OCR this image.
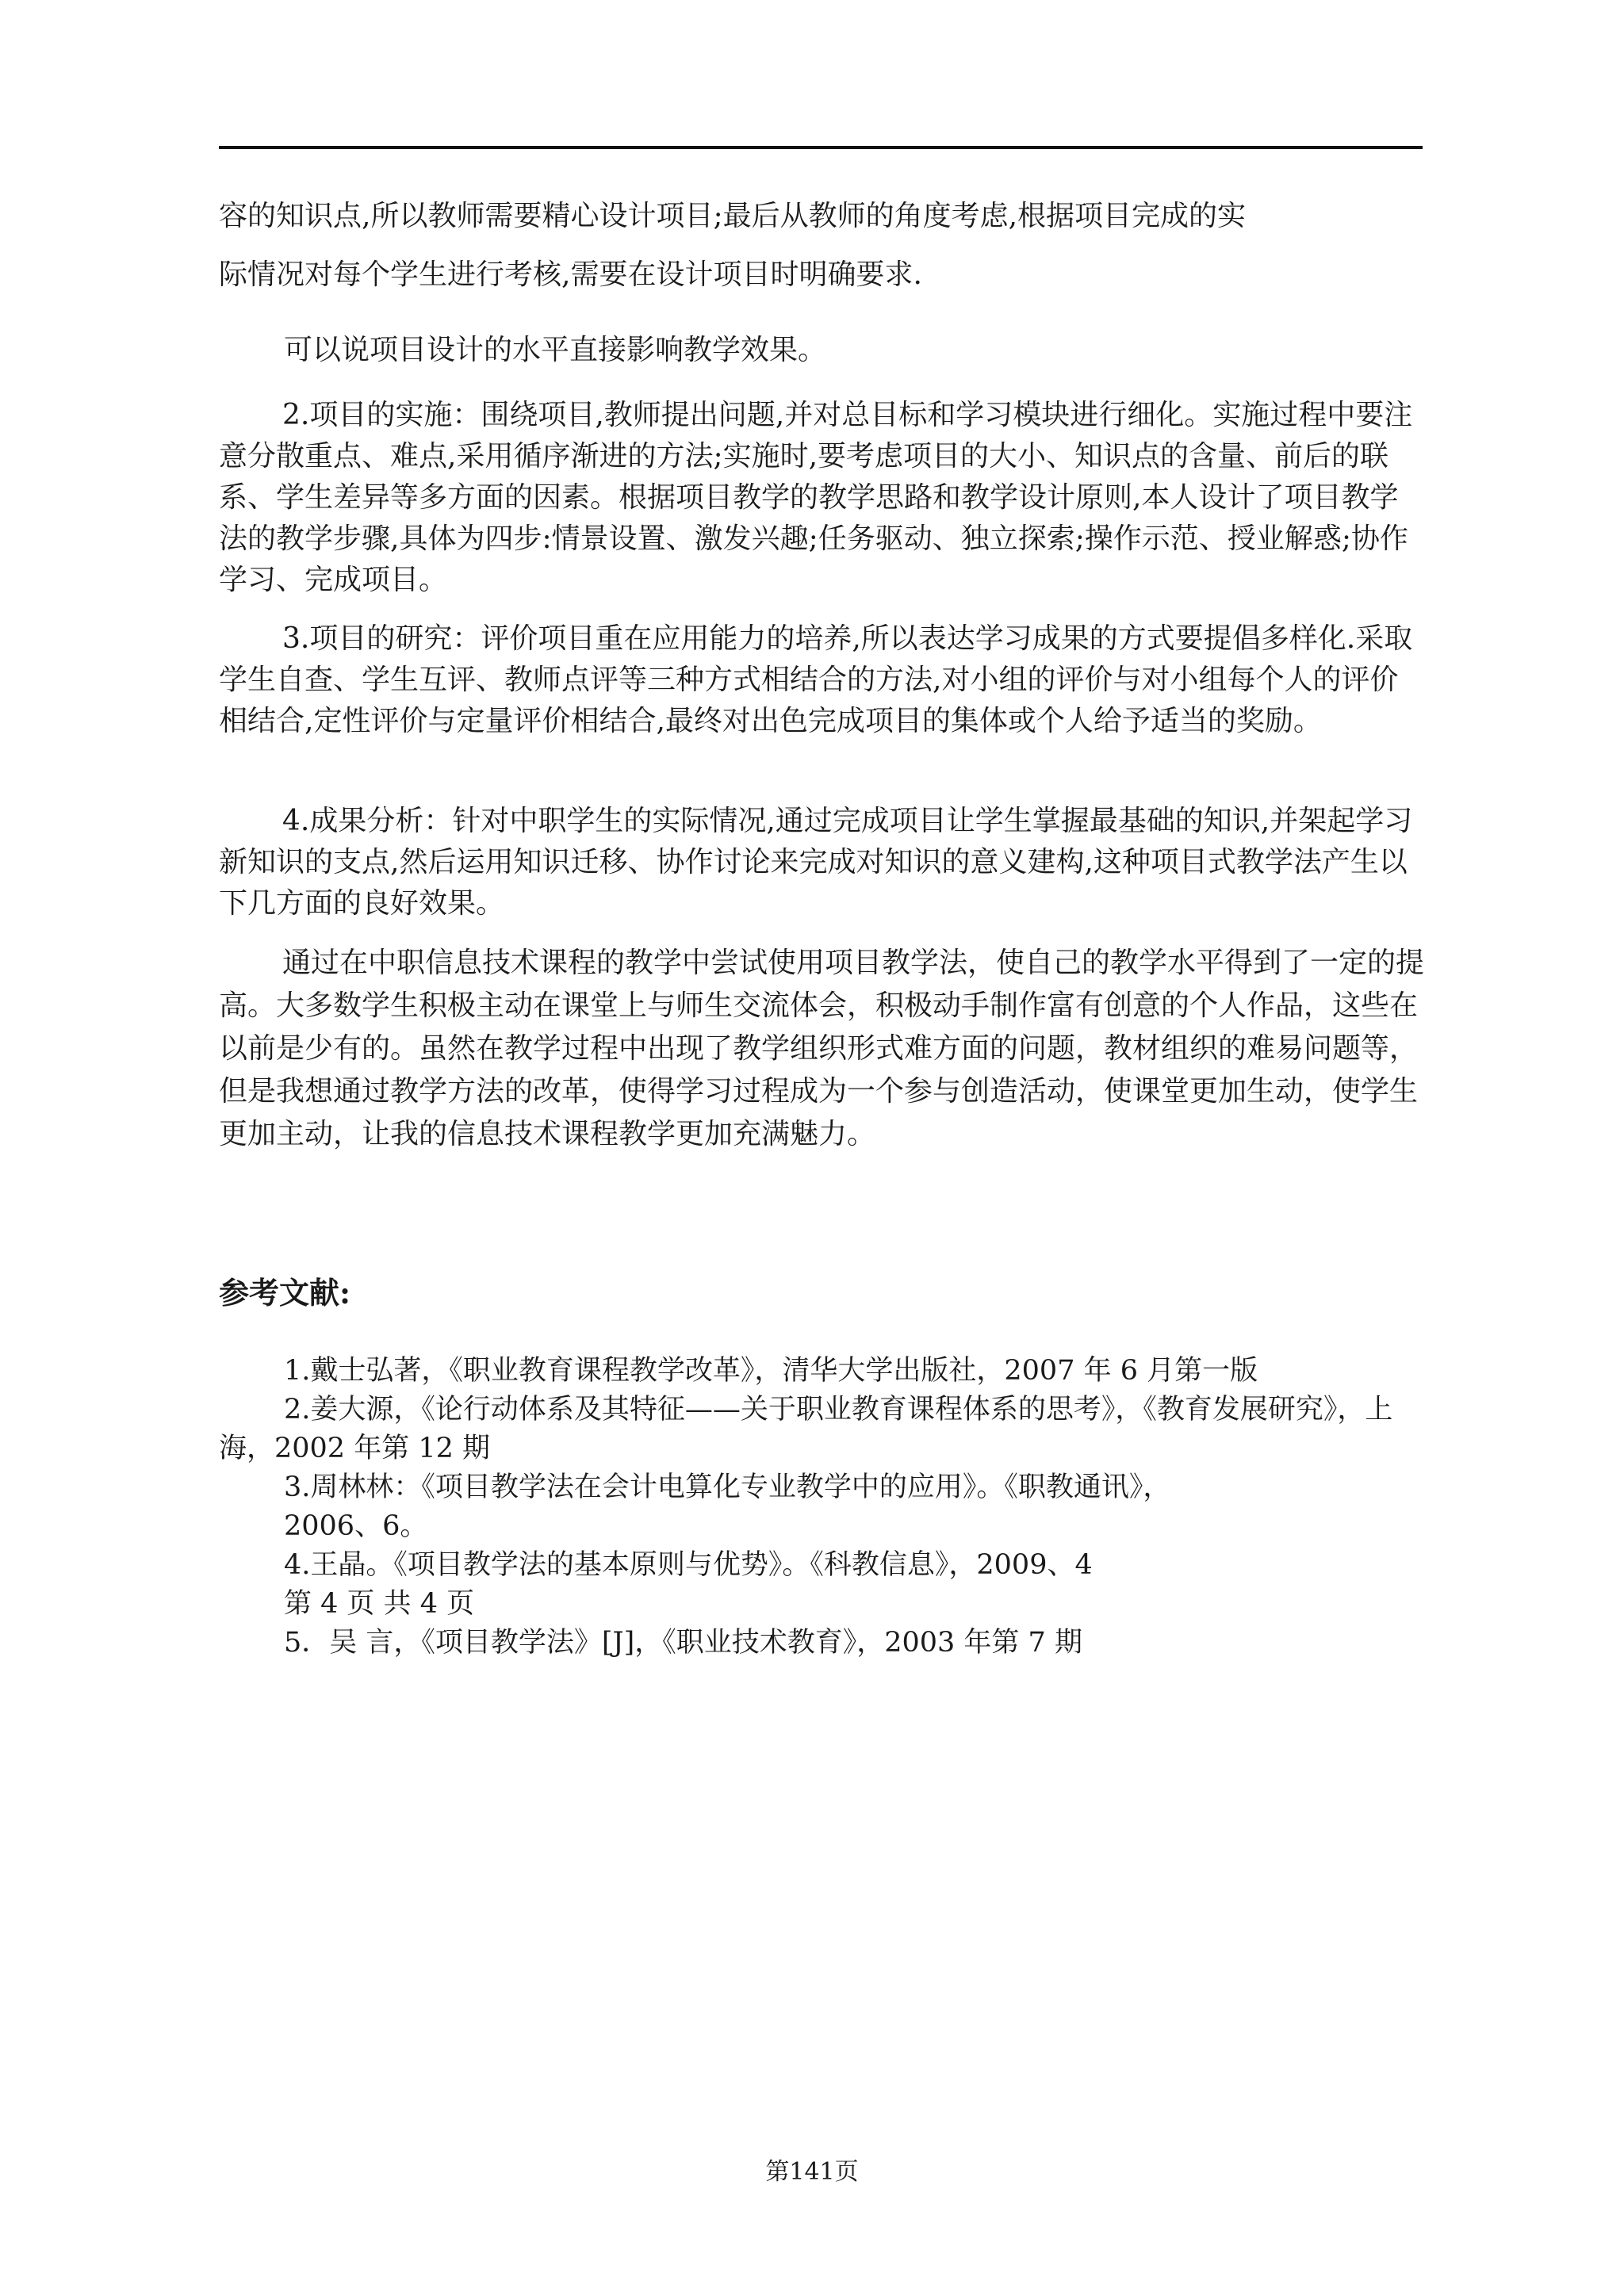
容的知识点,所以教师需要精心设计项目;最后从教师的角度考虑,根据项目完成的实

际情况对每个学生进行考核,需要在设计项目时明确要求.

可以说项目设计的水平直接影响教学效果。

2.项目的实施：围绕项目,教师提出问题,并对总目标和学习模块进行细化。实施过程中要注意分散重点、难点,采用循序渐进的方法;实施时,要考虑项目的大小、知识点的含量、前后的联系、学生差异等多方面的因素。根据项目教学的教学思路和教学设计原则,本人设计了项目教学法的教学步骤,具体为四步:情景设置、激发兴趣;任务驱动、独立探索;操作示范、授业解惑;协作学习、完成项目。

3.项目的研究：评价项目重在应用能力的培养,所以表达学习成果的方式要提倡多样化.采取学生自查、学生互评、教师点评等三种方式相结合的方法,对小组的评价与对小组每个人的评价相结合,定性评价与定量评价相结合,最终对出色完成项目的集体或个人给予适当的奖励。

4.成果分析：针对中职学生的实际情况,通过完成项目让学生掌握最基础的知识,并架起学习新知识的支点,然后运用知识迁移、协作讨论来完成对知识的意义建构,这种项目式教学法产生以下几方面的良好效果。

通过在中职信息技术课程的教学中尝试使用项目教学法，使自己的教学水平得到了一定的提高。大多数学生积极主动在课堂上与师生交流体会，积极动手制作富有创意的个人作品，这些在以前是少有的。虽然在教学过程中出现了教学组织形式难方面的问题，教材组织的难易问题等，但是我想通过教学方法的改革，使得学习过程成为一个参与创造活动，使课堂更加生动，使学生更加主动，让我的信息技术课程教学更加充满魅力。

参考文献:

1.戴士弘著，《职业教育课程教学改革》，清华大学出版社，2007 年 6 月第一版

2.姜大源，《论行动体系及其特征——关于职业教育课程体系的思考》，《教育发展研究》，上海，2002 年第 12 期

3.周林林：《项目教学法在会计电算化专业教学中的应用》。《职教通讯》，

2006、6。

4.王晶。《项目教学法的基本原则与优势》。《科教信息》，2009、4

第 4 页 共 4 页

5．吴 言，《项目教学法》[J]，《职业技术教育》，2003 年第 7 期

第141页
